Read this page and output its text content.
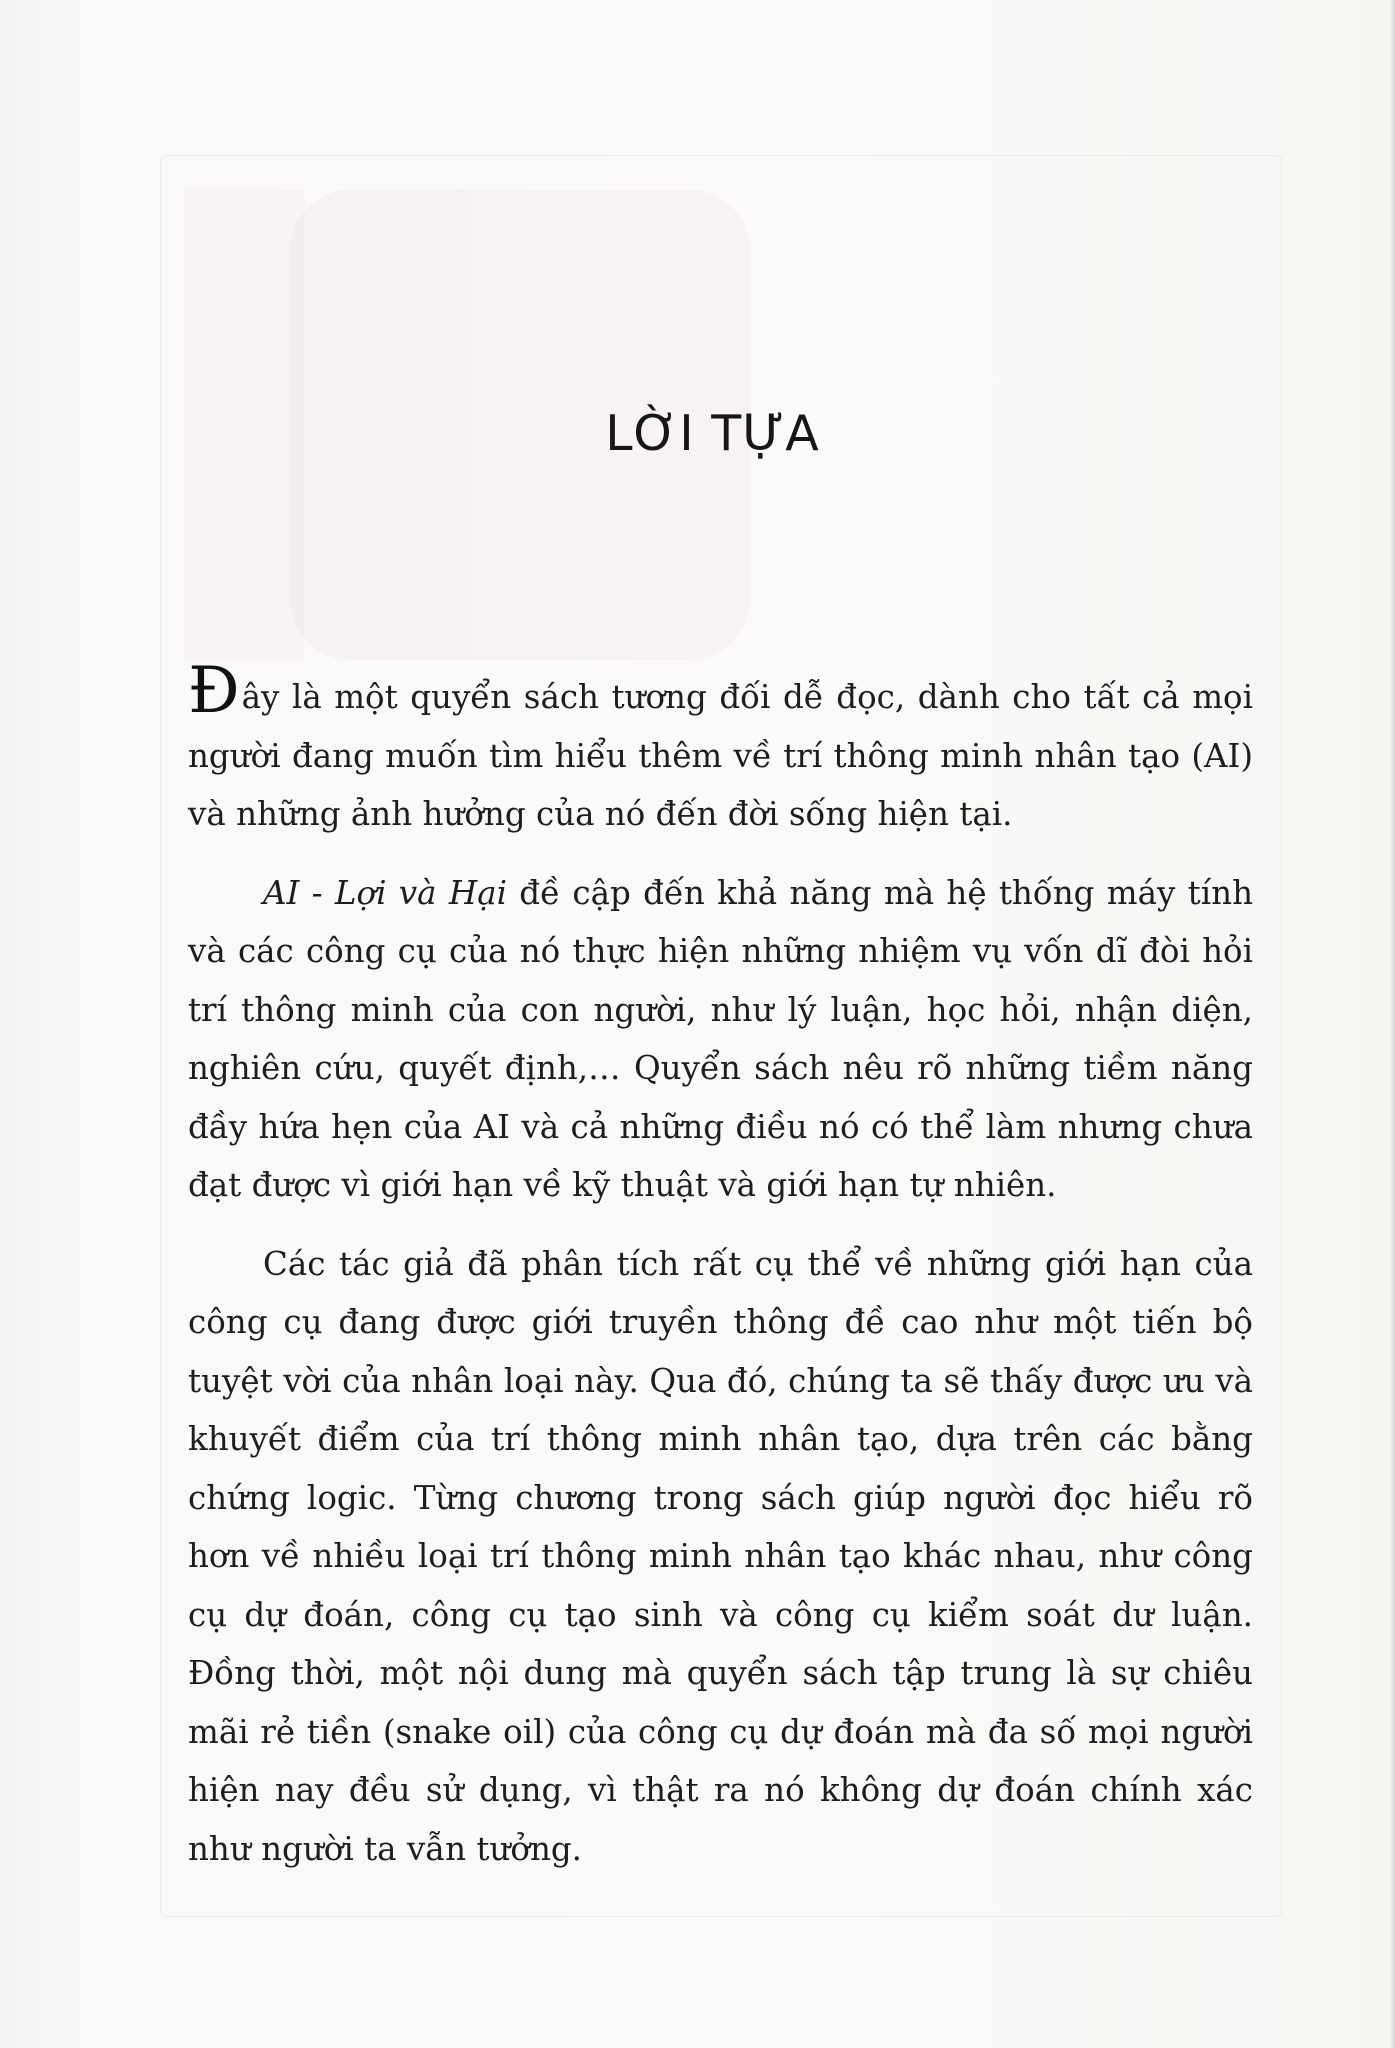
LỜI TỰA

Đây là một quyển sách tương đối dễ đọc, dành cho tất cả mọi người đang muốn tìm hiểu thêm về trí thông minh nhân tạo (AI) và những ảnh hưởng của nó đến đời sống hiện tại.

AI - Lợi và Hại đề cập đến khả năng mà hệ thống máy tính và các công cụ của nó thực hiện những nhiệm vụ vốn dĩ đòi hỏi trí thông minh của con người, như lý luận, học hỏi, nhận diện, nghiên cứu, quyết định,… Quyển sách nêu rõ những tiềm năng đầy hứa hẹn của AI và cả những điều nó có thể làm nhưng chưa đạt được vì giới hạn về kỹ thuật và giới hạn tự nhiên.

Các tác giả đã phân tích rất cụ thể về những giới hạn của công cụ đang được giới truyền thông đề cao như một tiến bộ tuyệt vời của nhân loại này. Qua đó, chúng ta sẽ thấy được ưu và khuyết điểm của trí thông minh nhân tạo, dựa trên các bằng chứng logic. Từng chương trong sách giúp người đọc hiểu rõ hơn về nhiều loại trí thông minh nhân tạo khác nhau, như công cụ dự đoán, công cụ tạo sinh và công cụ kiểm soát dư luận. Đồng thời, một nội dung mà quyển sách tập trung là sự chiêu mãi rẻ tiền (snake oil) của công cụ dự đoán mà đa số mọi người hiện nay đều sử dụng, vì thật ra nó không dự đoán chính xác như người ta vẫn tưởng.
